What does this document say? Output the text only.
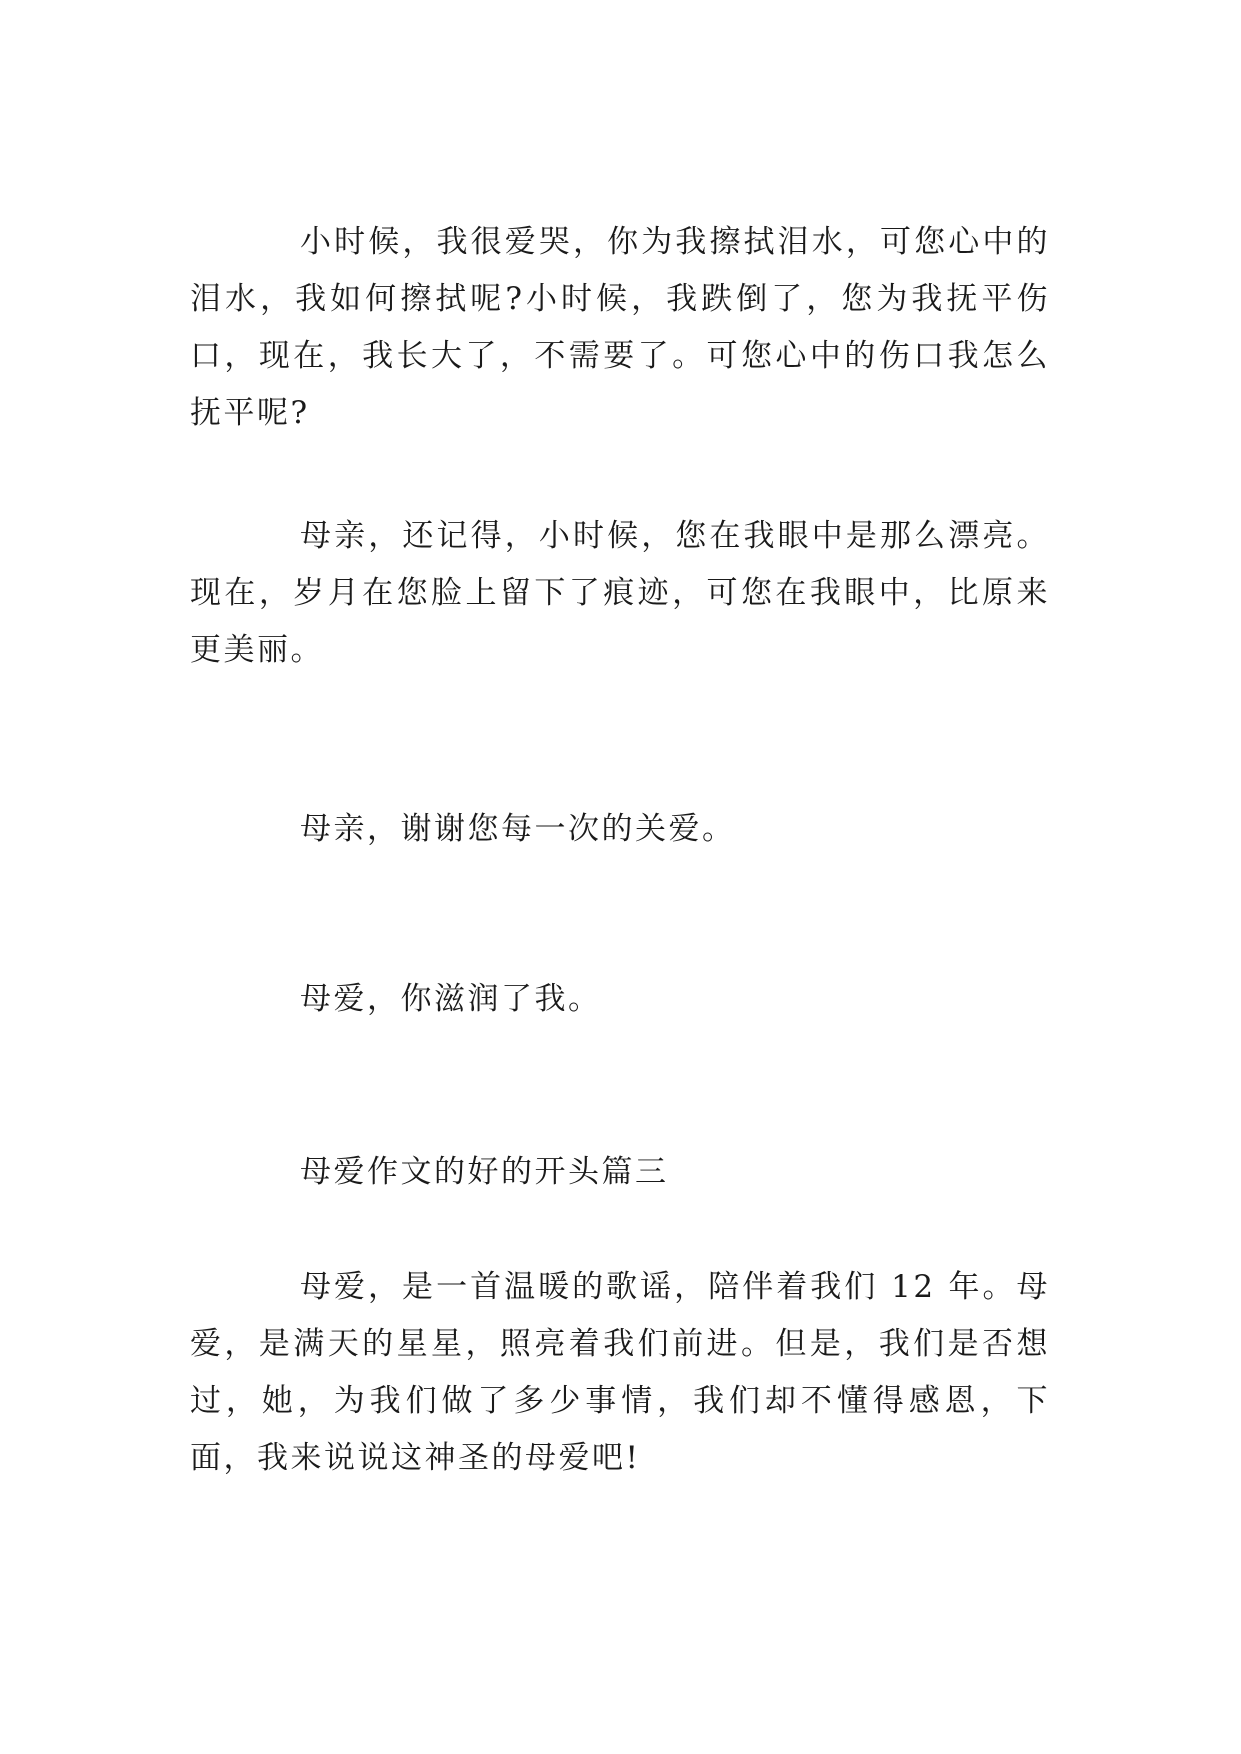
小时候，我很爱哭，你为我擦拭泪水，可您心中的泪水，我如何擦拭呢?小时候，我跌倒了，您为我抚平伤口，现在，我长大了，不需要了。可您心中的伤口我怎么抚平呢?

母亲，还记得，小时候，您在我眼中是那么漂亮。现在，岁月在您脸上留下了痕迹，可您在我眼中，比原来更美丽。

母亲，谢谢您每一次的关爱。

母爱，你滋润了我。

母爱作文的好的开头篇三

母爱，是一首温暖的歌谣，陪伴着我们 12 年。母爱，是满天的星星，照亮着我们前进。但是，我们是否想过，她，为我们做了多少事情，我们却不懂得感恩，下面，我来说说这神圣的母爱吧!
